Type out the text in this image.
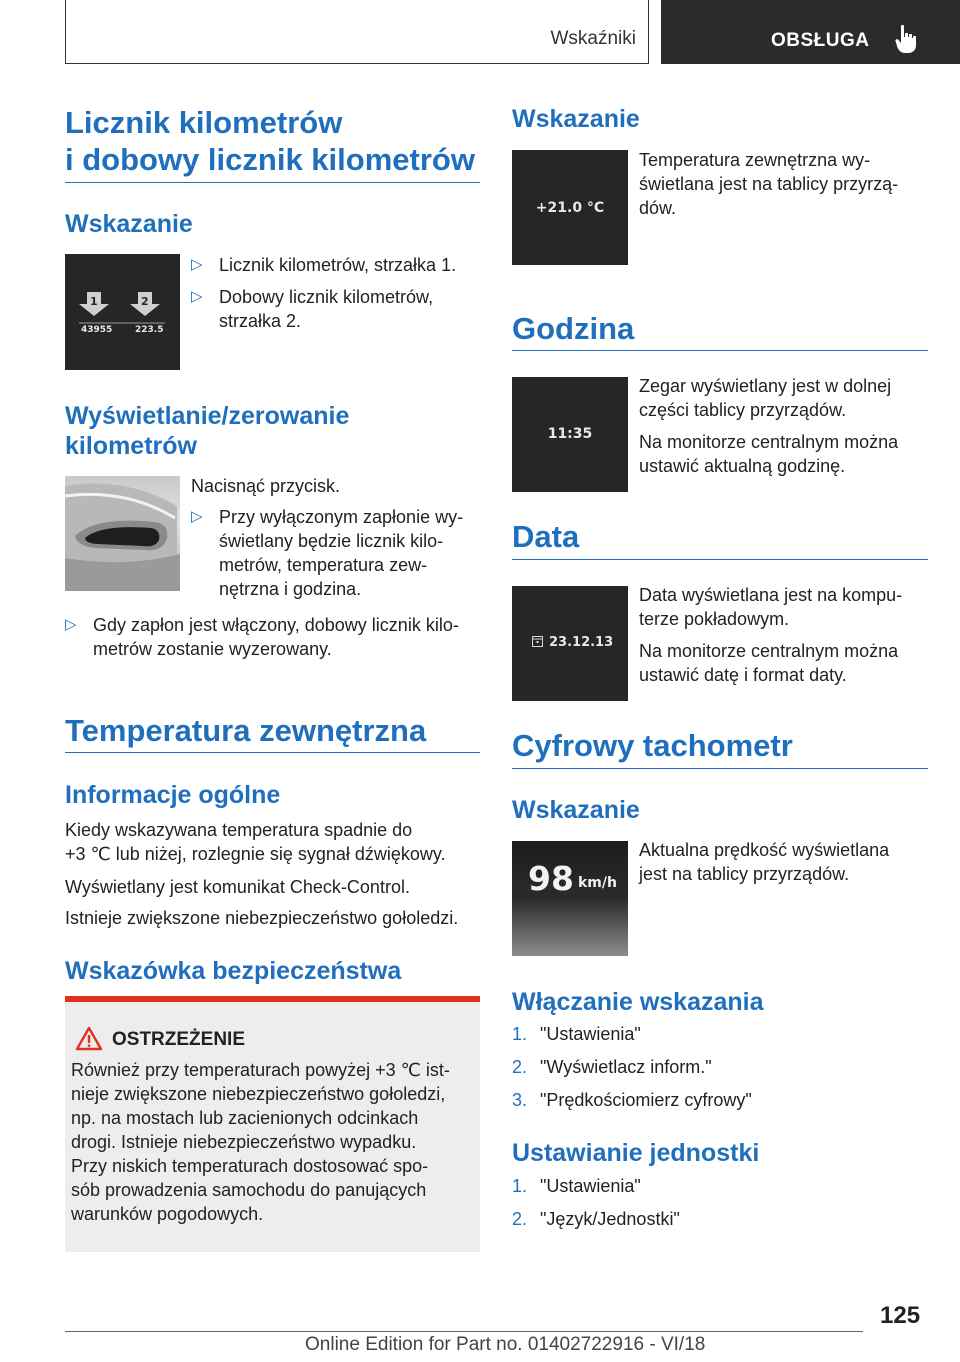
Wskaźniki	OBSŁUGA
Licznik kilometrów
i dobowy licznik kilometrów
Wskazanie
1	2
43955	223.5
▷ Licznik kilometrów, strzałka 1.
▷ Dobowy licznik kilometrów,
strzałka 2.
Wyświetlanie/zerowanie
kilometrów
Nacisnąć przycisk.
▷ Przy wyłączonym zapłonie wy-
świetlany będzie licznik kilo-
metrów, temperatura zew-
nętrzna i godzina.
▷ Gdy zapłon jest włączony, dobowy licznik kilo-
metrów zostanie wyzerowany.
Temperatura zewnętrzna
Informacje ogólne
Kiedy wskazywana temperatura spadnie do
+3 ℃ lub niżej, rozlegnie się sygnał dźwiękowy.
Wyświetlany jest komunikat Check-Control.
Istnieje zwiększone niebezpieczeństwo gołoledzi.
Wskazówka bezpieczeństwa
OSTRZEŻENIE
Również przy temperaturach powyżej +3 ℃ ist-
nieje zwiększone niebezpieczeństwo gołoledzi,
np. na mostach lub zacienionych odcinkach
drogi. Istnieje niebezpieczeństwo wypadku.
Przy niskich temperaturach dostosować spo-
sób prowadzenia samochodu do panujących
warunków pogodowych.
Wskazanie
+21.0 °C
Temperatura zewnętrzna wy-
świetlana jest na tablicy przyrzą-
dów.
Godzina
11:35
Zegar wyświetlany jest w dolnej
części tablicy przyrządów.
Na monitorze centralnym można
ustawić aktualną godzinę.
Data
23.12.13
Data wyświetlana jest na kompu-
terze pokładowym.
Na monitorze centralnym można
ustawić datę i format daty.
Cyfrowy tachometr
Wskazanie
98 km/h
Aktualna prędkość wyświetlana
jest na tablicy przyrządów.
Włączanie wskazania
1. "Ustawienia"
2. "Wyświetlacz inform."
3. "Prędkościomierz cyfrowy"
Ustawianie jednostki
1. "Ustawienia"
2. "Język/Jednostki"
125
Online Edition for Part no. 01402722916 - VI/18
